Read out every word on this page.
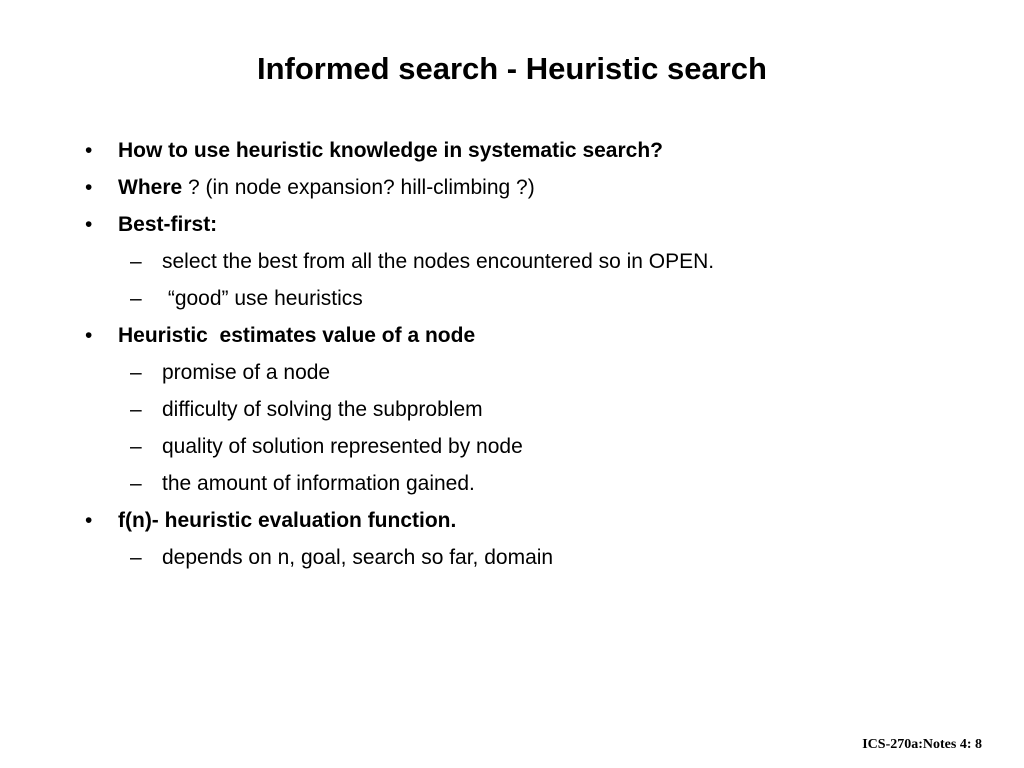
Informed search - Heuristic search
• How to use heuristic knowledge in systematic search?
• Where ? (in node expansion? hill-climbing ?)
• Best-first:
– select the best from all the nodes encountered so in OPEN.
– “good” use heuristics
• Heuristic  estimates value of a node
– promise of a node
– difficulty of solving the subproblem
– quality of solution represented by node
– the amount of information gained.
• f(n)- heuristic evaluation function.
– depends on n, goal, search so far, domain
ICS-270a:Notes 4: 8
